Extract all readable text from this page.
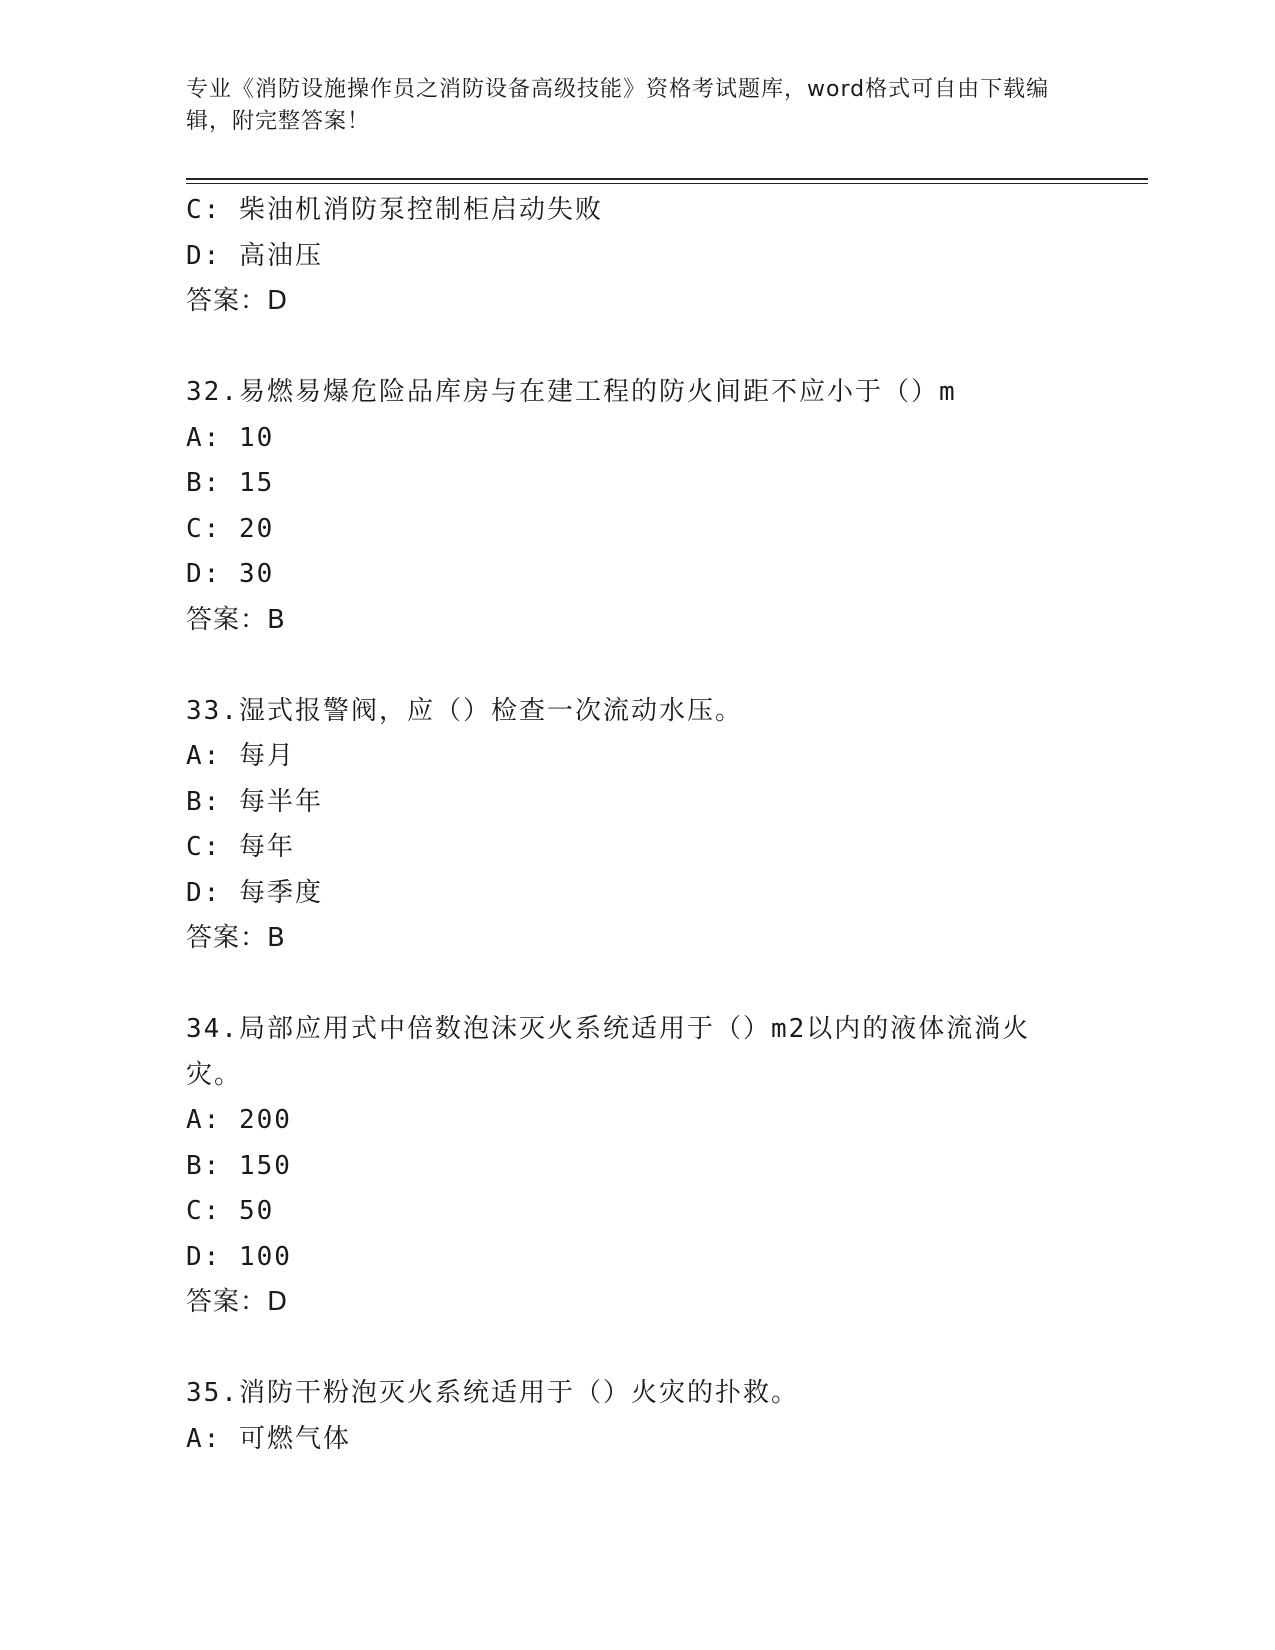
专业《消防设施操作员之消防设备高级技能》资格考试题库，word格式可自由下载编辑，附完整答案！
C: 柴油机消防泵控制柜启动失败
D: 高油压
答案：D
32.易燃易爆危险品库房与在建工程的防火间距不应小于（）m
A: 10
B: 15
C: 20
D: 30
答案：B
33.湿式报警阀，应（）检查一次流动水压。
A: 每月
B: 每半年
C: 每年
D: 每季度
答案：B
34.局部应用式中倍数泡沫灭火系统适用于（）m2以内的液体流淌火灾。
A: 200
B: 150
C: 50
D: 100
答案：D
35.消防干粉泡灭火系统适用于（）火灾的扑救。
A: 可燃气体
